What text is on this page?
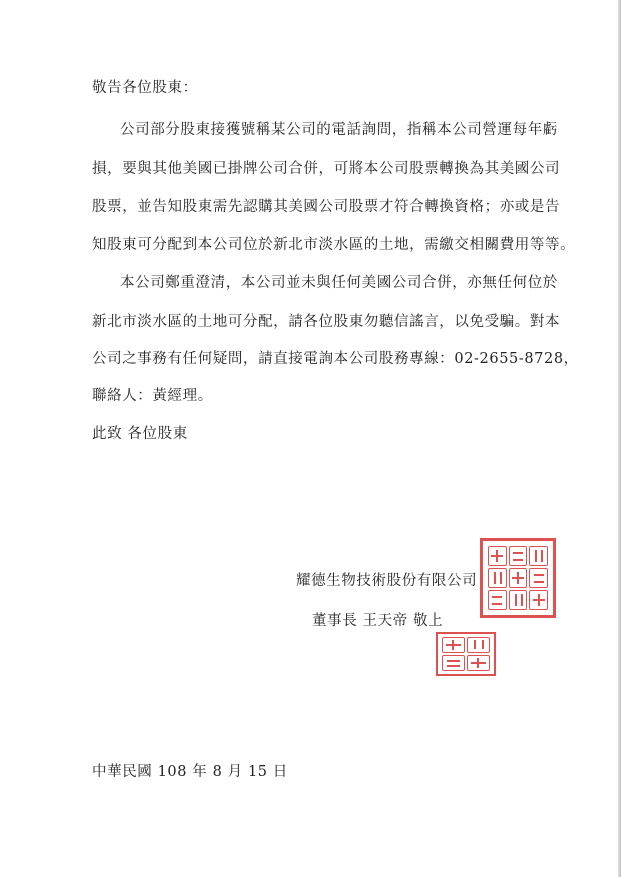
敬告各位股東：
公司部分股東接獲號稱某公司的電話詢問，指稱本公司營運每年虧
損，要與其他美國已掛牌公司合併，可將本公司股票轉換為其美國公司
股票，並告知股東需先認購其美國公司股票才符合轉換資格；亦或是告
知股東可分配到本公司位於新北市淡水區的土地，需繳交相關費用等等。
本公司鄭重澄清，本公司並未與任何美國公司合併，亦無任何位於
新北市淡水區的土地可分配，請各位股東勿聽信謠言，以免受騙。對本
公司之事務有任何疑問，請直接電詢本公司股務專線：02-2655-8728，
聯絡人：黃經理。
此致 各位股東
耀德生物技術股份有限公司
董事長 王天帝 敬上
中華民國 108 年 8 月 15 日
